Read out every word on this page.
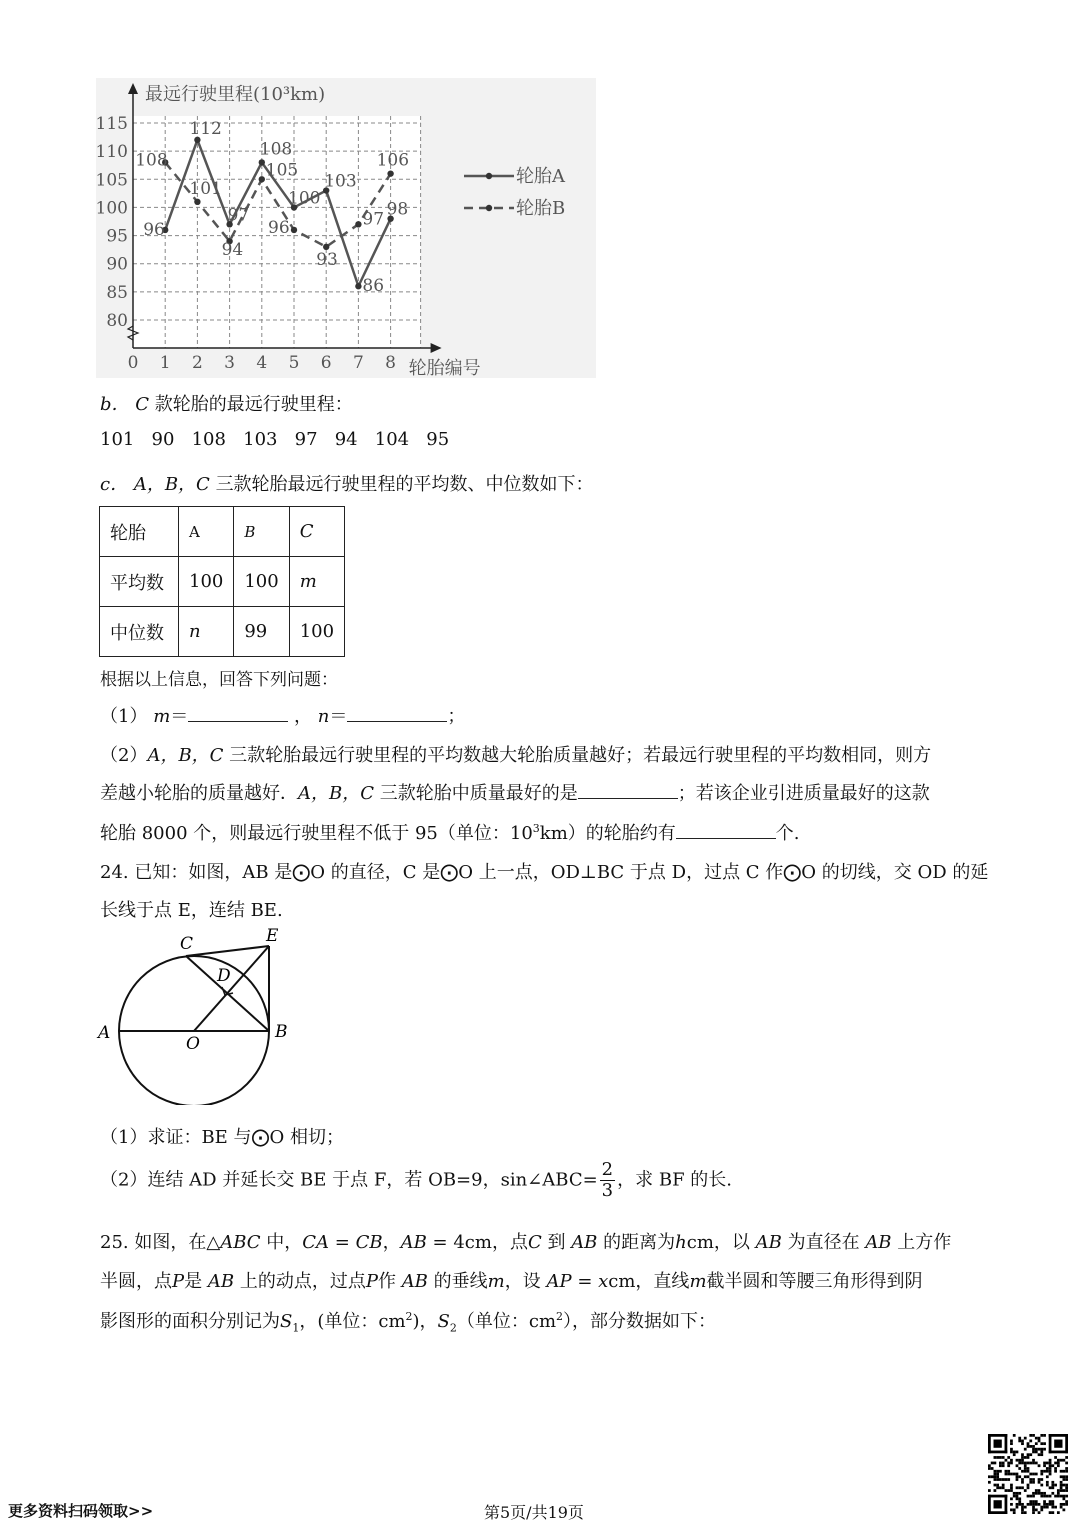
115
110
105
100
95
90
85
80
0 1 2 3 4 5 6 7 8
最远行驶里程(10³km)
轮胎编号
96
112
97
108
100
103
86
98
108
101
94
105
96
93
97
106
轮胎A
轮胎B
b． C 款轮胎的最远行驶里程：
101   90   108   103   97   94   104   95
c． A，B，C 三款轮胎最远行驶里程的平均数、中位数如下：
轮胎	A	B	C
平均数	100	100	m
中位数	n	99	100
根据以上信息，回答下列问题：
（1） m＝	， n＝	；
（2）A，B，C 三款轮胎最远行驶里程的平均数越大轮胎质量越好；若最远行驶里程的平均数相同，则方
差越小轮胎的质量越好．A，B，C 三款轮胎中质量最好的是	；若该企业引进质量最好的这款
轮胎 8000 个，则最远行驶里程不低于 95（单位：$10^3km$）的轮胎约有	个.
24. 已知：如图，AB 是⨀O 的直径，C 是⨀O 上一点，OD⊥BC 于点 D，过点 C 作⨀O 的切线，交 OD 的延
长线于点 E，连结 BE.
C	E
D
A
O
B
（1）求证：BE 与⨀O 相切；
（2）连结 AD 并延长交 BE 于点 F，若 OB=9，sin∠ABC= $\frac{2}{3}$ ，求 BF 的长.
25. 如图，在△ABC 中，CA = CB，AB = 4cm，点C 到 AB 的距离为hcm，以 AB 为直径在 AB 上方作
半圆，点P是 AB 上的动点，过点P作 AB 的垂线m，设 AP = xcm，直线m截半圆和等腰三角形得到阴
影图形的面积分别记为$S_1$，(单位：$cm^2$)，$S_2$（单位：$cm^2$），部分数据如下：
更多资料扫码领取>>	第5页/共19页
